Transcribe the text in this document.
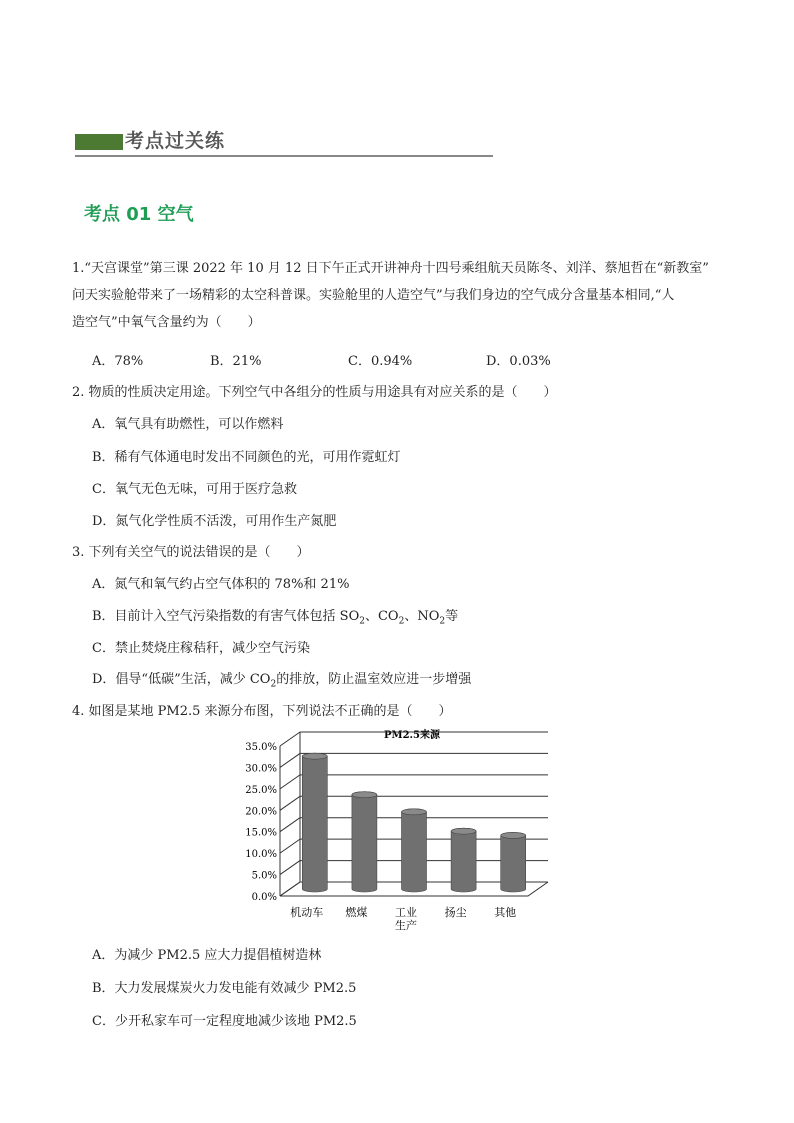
考点过关练
考点 01 空气
1.“天宫课堂”第三课 2022 年 10 月 12 日下午正式开讲神舟十四号乘组航天员陈冬、刘洋、蔡旭哲在“新教室”
问天实验舱带来了一场精彩的太空科普课。实验舱里的人造空气”与我们身边的空气成分含量基本相同,“人
造空气”中氧气含量约为（　　）
A．78%	B．21%	C．0.94%	D．0.03%
2. 物质的性质决定用途。下列空气中各组分的性质与用途具有对应关系的是（　　）
A．氧气具有助燃性，可以作燃料
B．稀有气体通电时发出不同颜色的光，可用作霓虹灯
C．氧气无色无味，可用于医疗急救
D．氮气化学性质不活泼，可用作生产氮肥
3. 下列有关空气的说法错误的是（　　）
A．氮气和氧气约占空气体积的 78%和 21%
B．目前计入空气污染指数的有害气体包括 $SO_2$、$CO_2$、$NO_2$等
C．禁止焚烧庄稼秸秆，减少空气污染
D．倡导“低碳”生活，减少 $CO_2$的排放，防止温室效应进一步增强
4. 如图是某地 PM2.5 来源分布图，下列说法不正确的是（　　）
PM2.5来源
0.0%
5.0%
10.0%
15.0%
20.0%
25.0%
30.0%
35.0%
机动车 燃煤	工业
生产
扬尘	其他
A．为减少 PM2.5 应大力提倡植树造林
B．大力发展煤炭火力发电能有效减少 PM2.5
C．少开私家车可一定程度地减少该地 PM2.5
